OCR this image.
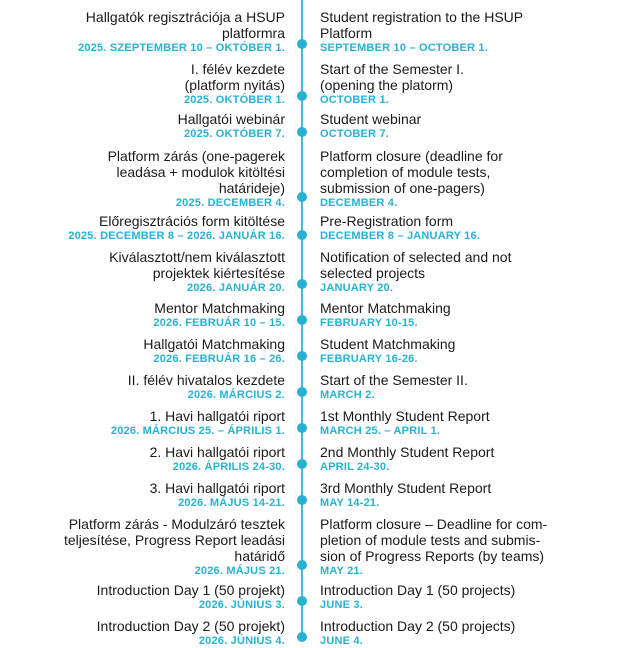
Hallgatók regisztrációja a HSUP
platformra
2025. SZEPTEMBER 10 – OKTÓBER 1.
Student registration to the HSUP
Platform
SEPTEMBER 10 – OCTOBER 1.
I. félév kezdete
(platform nyitás)
2025. OKTÓBER 1.
Start of the Semester I.
(opening the platorm)
OCTOBER 1.
Hallgatói webinár
2025. OKTÓBER 7.
Student webinar
OCTOBER 7.
Platform zárás (one-pagerek
leadása + modulok kitöltési
határideje)
2025. DECEMBER 4.
Platform closure (deadline for
completion of module tests,
submission of one-pagers)
DECEMBER 4.
Előregisztrációs form kitöltése
2025. DECEMBER 8 – 2026. JANUÁR 16.
Pre-Registration form
DECEMBER 8 – JANUARY 16.
Kiválasztott/nem kiválasztott
projektek kiértesítése
2026. JANUÁR 20.
Notification of selected and not
selected projects
JANUARY 20.
Mentor Matchmaking
2026. FEBRUÁR 10 – 15.
Mentor Matchmaking
FEBRUARY 10-15.
Hallgatói Matchmaking
2026. FEBRUÁR 16 – 26.
Student Matchmaking
FEBRUARY 16-26.
II. félév hivatalos kezdete
2026. MÁRCIUS 2.
Start of the Semester II.
MARCH 2.
1. Havi hallgatói riport
2026. MÁRCIUS 25. – ÁPRILIS 1.
1st Monthly Student Report
MARCH 25. – APRIL 1.
2. Havi hallgatói riport
2026. ÁPRILIS 24-30.
2nd Monthly Student Report
APRIL 24-30.
3. Havi hallgatói riport
2026. MÁJUS 14-21.
3rd Monthly Student Report
MAY 14-21.
Platform zárás - Modulzáró tesztek
teljesítése, Progress Report leadási
határidő
2026. MÁJUS 21.
Platform closure – Deadline for com-
pletion of module tests and submis-
sion of Progress Reports (by teams)
MAY 21.
Introduction Day 1 (50 projekt)
2026. JÚNIUS 3.
Introduction Day 1 (50 projects)
JUNE 3.
Introduction Day 2 (50 projekt)
2026. JÚNIUS 4.
Introduction Day 2 (50 projects)
JUNE 4.
